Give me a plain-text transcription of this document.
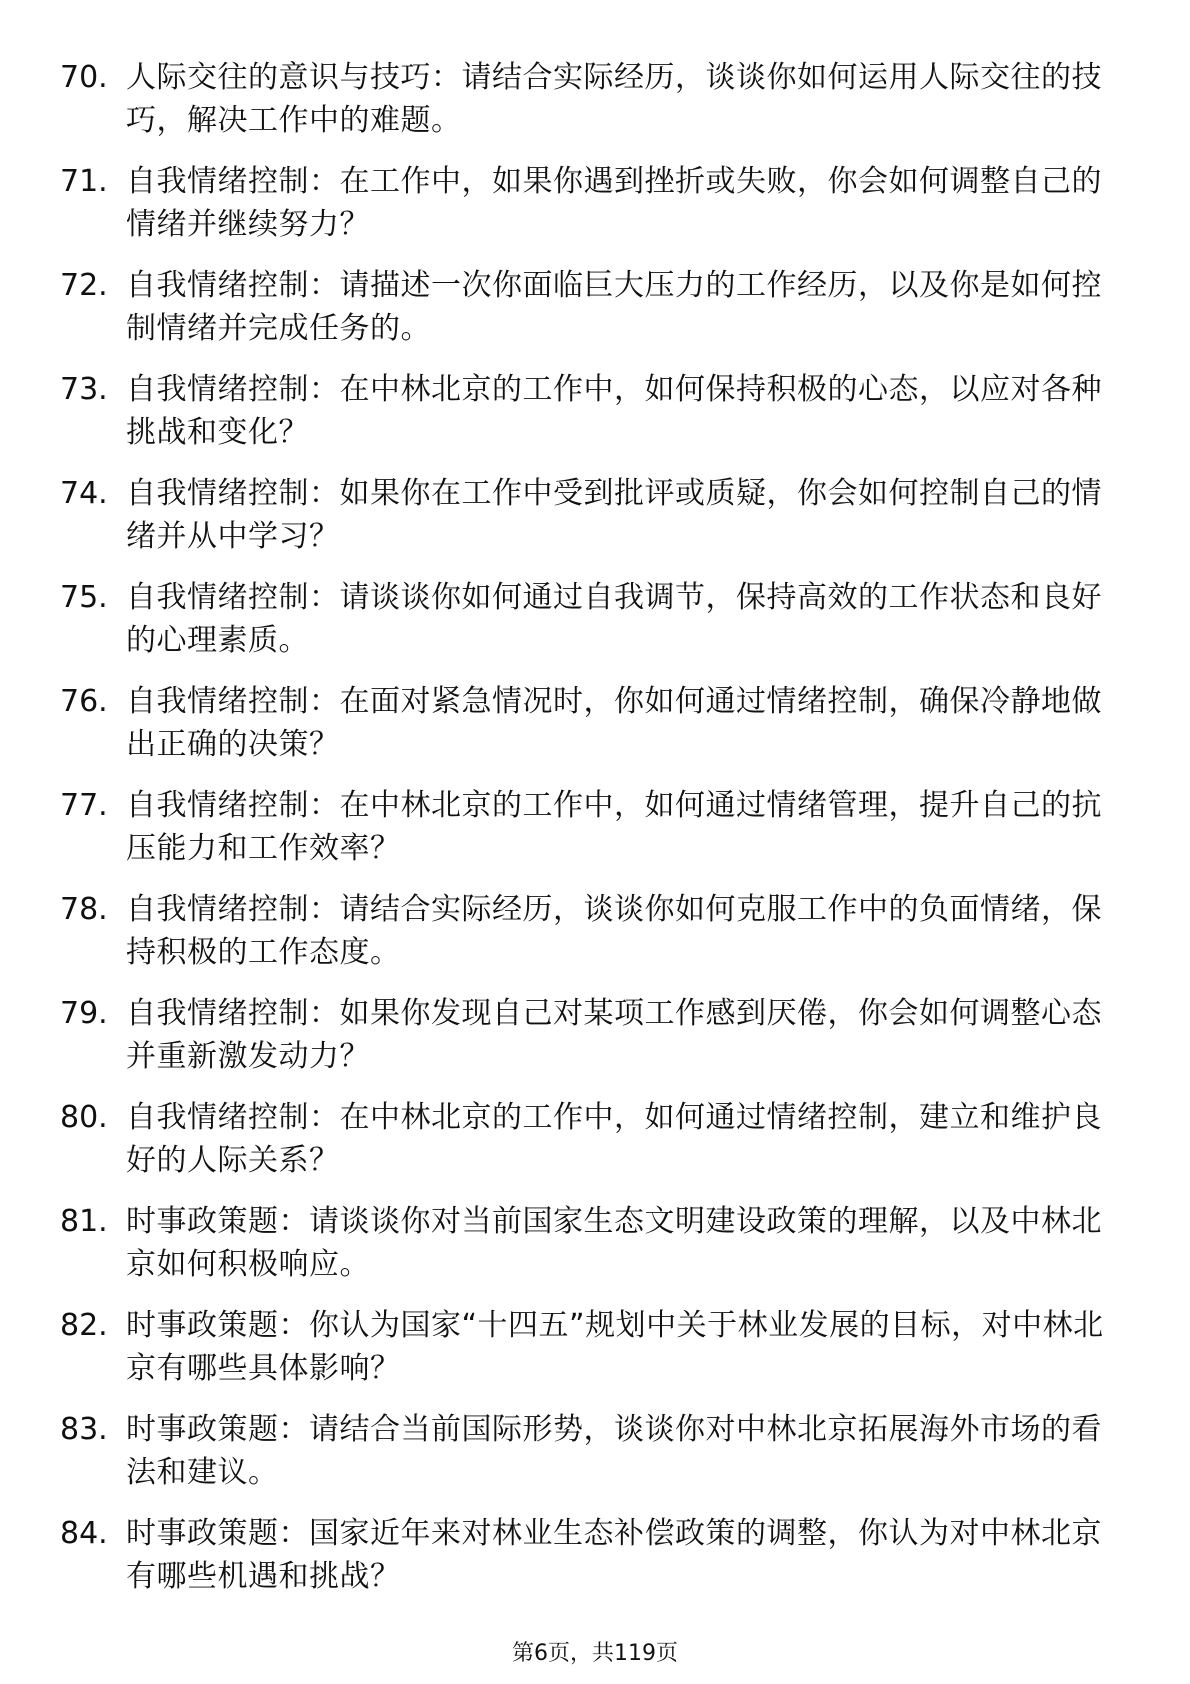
70. 人际交往的意识与技巧：请结合实际经历，谈谈你如何运用人际交往的技巧，解决工作中的难题。
71. 自我情绪控制：在工作中，如果你遇到挫折或失败，你会如何调整自己的情绪并继续努力？
72. 自我情绪控制：请描述一次你面临巨大压力的工作经历，以及你是如何控制情绪并完成任务的。
73. 自我情绪控制：在中林北京的工作中，如何保持积极的心态，以应对各种挑战和变化？
74. 自我情绪控制：如果你在工作中受到批评或质疑，你会如何控制自己的情绪并从中学习？
75. 自我情绪控制：请谈谈你如何通过自我调节，保持高效的工作状态和良好的心理素质。
76. 自我情绪控制：在面对紧急情况时，你如何通过情绪控制，确保冷静地做出正确的决策？
77. 自我情绪控制：在中林北京的工作中，如何通过情绪管理，提升自己的抗压能力和工作效率？
78. 自我情绪控制：请结合实际经历，谈谈你如何克服工作中的负面情绪，保持积极的工作态度。
79. 自我情绪控制：如果你发现自己对某项工作感到厌倦，你会如何调整心态并重新激发动力？
80. 自我情绪控制：在中林北京的工作中，如何通过情绪控制，建立和维护良好的人际关系？
81. 时事政策题：请谈谈你对当前国家生态文明建设政策的理解，以及中林北京如何积极响应。
82. 时事政策题：你认为国家“十四五”规划中关于林业发展的目标，对中林北京有哪些具体影响？
83. 时事政策题：请结合当前国际形势，谈谈你对中林北京拓展海外市场的看法和建议。
84. 时事政策题：国家近年来对林业生态补偿政策的调整，你认为对中林北京有哪些机遇和挑战？
第6页，共119页
